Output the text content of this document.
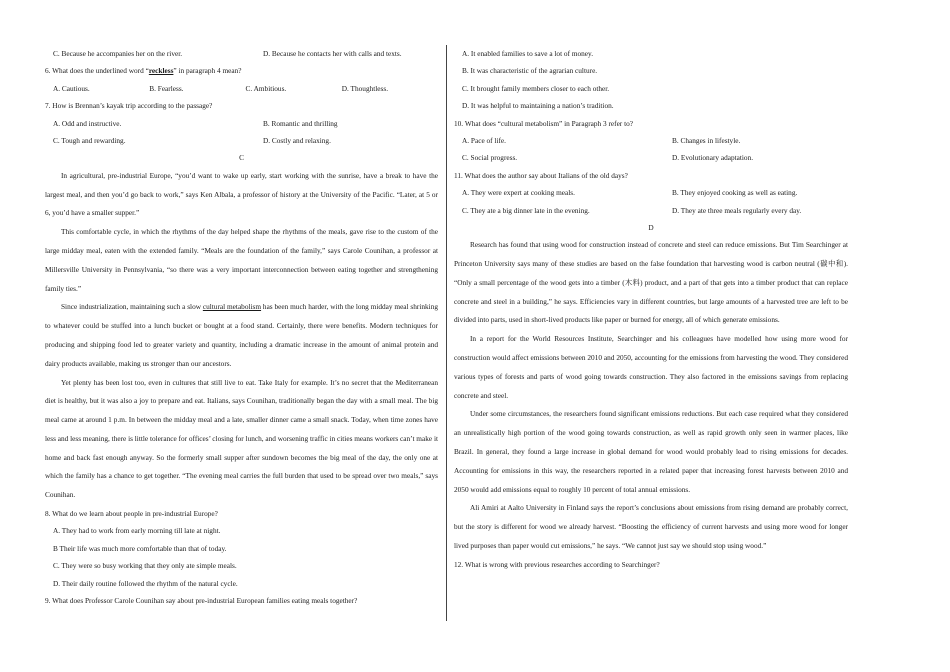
C. Because he accompanies her on the river.	D. Because he contacts her with calls and texts.
6. What does the underlined word “reckless” in paragraph 4 mean?
A. Cautious.	B. Fearless.	C. Ambitious.	D. Thoughtless.
7. How is Brennan’s kayak trip according to the passage?
A. Odd and instructive.	B. Romantic and thrilling
C. Tough and rewarding.	D. Costly and relaxing.
C

In agricultural, pre-industrial Europe, “you’d want to wake up early, start working with the sunrise, have a break to have the largest meal, and then you’d go back to work,” says Ken Albala, a professor of history at the University of the Pacific. “Later, at 5 or 6, you’d have a smaller supper.”

This comfortable cycle, in which the rhythms of the day helped shape the rhythms of the meals, gave rise to the custom of the large midday meal, eaten with the extended family. “Meals are the foundation of the family,” says Carole Counihan, a professor at Millersville University in Pennsylvania, “so there was a very important interconnection between eating together and strengthening family ties.”

Since industrialization, maintaining such a slow cultural metabolism has been much harder, with the long midday meal shrinking to whatever could be stuffed into a lunch bucket or bought at a food stand. Certainly, there were benefits. Modern techniques for producing and shipping food led to greater variety and quantity, including a dramatic increase in the amount of animal protein and dairy products available, making us stronger than our ancestors.

Yet plenty has been lost too, even in cultures that still live to eat. Take Italy for example. It’s no secret that the Mediterranean diet is healthy, but it was also a joy to prepare and eat. Italians, says Counihan, traditionally began the day with a small meal. The big meal came at around 1 p.m. In between the midday meal and a late, smaller dinner came a small snack. Today, when time zones have less and less meaning, there is little tolerance for offices’ closing for lunch, and worsening traffic in cities means workers can’t make it home and back fast enough anyway. So the formerly small supper after sundown becomes the big meal of the day, the only one at which the family has a chance to get together. “The evening meal carries the full burden that used to be spread over two meals,” says Counihan.

8. What do we learn about people in pre-industrial Europe?
A. They had to work from early morning till late at night.
B Their life was much more comfortable than that of today.
C. They were so busy working that they only ate simple meals.
D. Their daily routine followed the rhythm of the natural cycle.
9. What does Professor Carole Counihan say about pre-industrial European families eating meals together?
A. It enabled families to save a lot of money.
B. It was characteristic of the agrarian culture.
C. It brought family members closer to each other.
D. It was helpful to maintaining a nation’s tradition.
10. What does “cultural metabolism” in Paragraph 3 refer to?
A. Pace of life.	B. Changes in lifestyle.
C. Social progress.	D. Evolutionary adaptation.
11. What does the author say about Italians of the old days?
A. They were expert at cooking meals.	B. They enjoyed cooking as well as eating.
C. They ate a big dinner late in the evening.	D. They ate three meals regularly every day.
D

Research has found that using wood for construction instead of concrete and steel can reduce emissions. But Tim Searchinger at Princeton University says many of these studies are based on the false foundation that harvesting wood is carbon neutral (碳中和). “Only a small percentage of the wood gets into a timber (木料) product, and a part of that gets into a timber product that can replace concrete and steel in a building,” he says. Efficiencies vary in different countries, but large amounts of a harvested tree are left to be divided into parts, used in short-lived products like paper or burned for energy, all of which generate emissions.

In a report for the World Resources Institute, Searchinger and his colleagues have modelled how using more wood for construction would affect emissions between 2010 and 2050, accounting for the emissions from harvesting the wood. They considered various types of forests and parts of wood going towards construction. They also factored in the emissions savings from replacing concrete and steel.

Under some circumstances, the researchers found significant emissions reductions. But each case required what they considered an unrealistically high portion of the wood going towards construction, as well as rapid growth only seen in warmer places, like Brazil. In general, they found a large increase in global demand for wood would probably lead to rising emissions for decades. Accounting for emissions in this way, the researchers reported in a related paper that increasing forest harvests between 2010 and 2050 would add emissions equal to roughly 10 percent of total annual emissions.

Ali Amiri at Aalto University in Finland says the report’s conclusions about emissions from rising demand are probably correct, but the story is different for wood we already harvest. “Boosting the efficiency of current harvests and using more wood for longer lived purposes than paper would cut emissions,” he says. “We cannot just say we should stop using wood.”

12. What is wrong with previous researches according to Searchinger?
